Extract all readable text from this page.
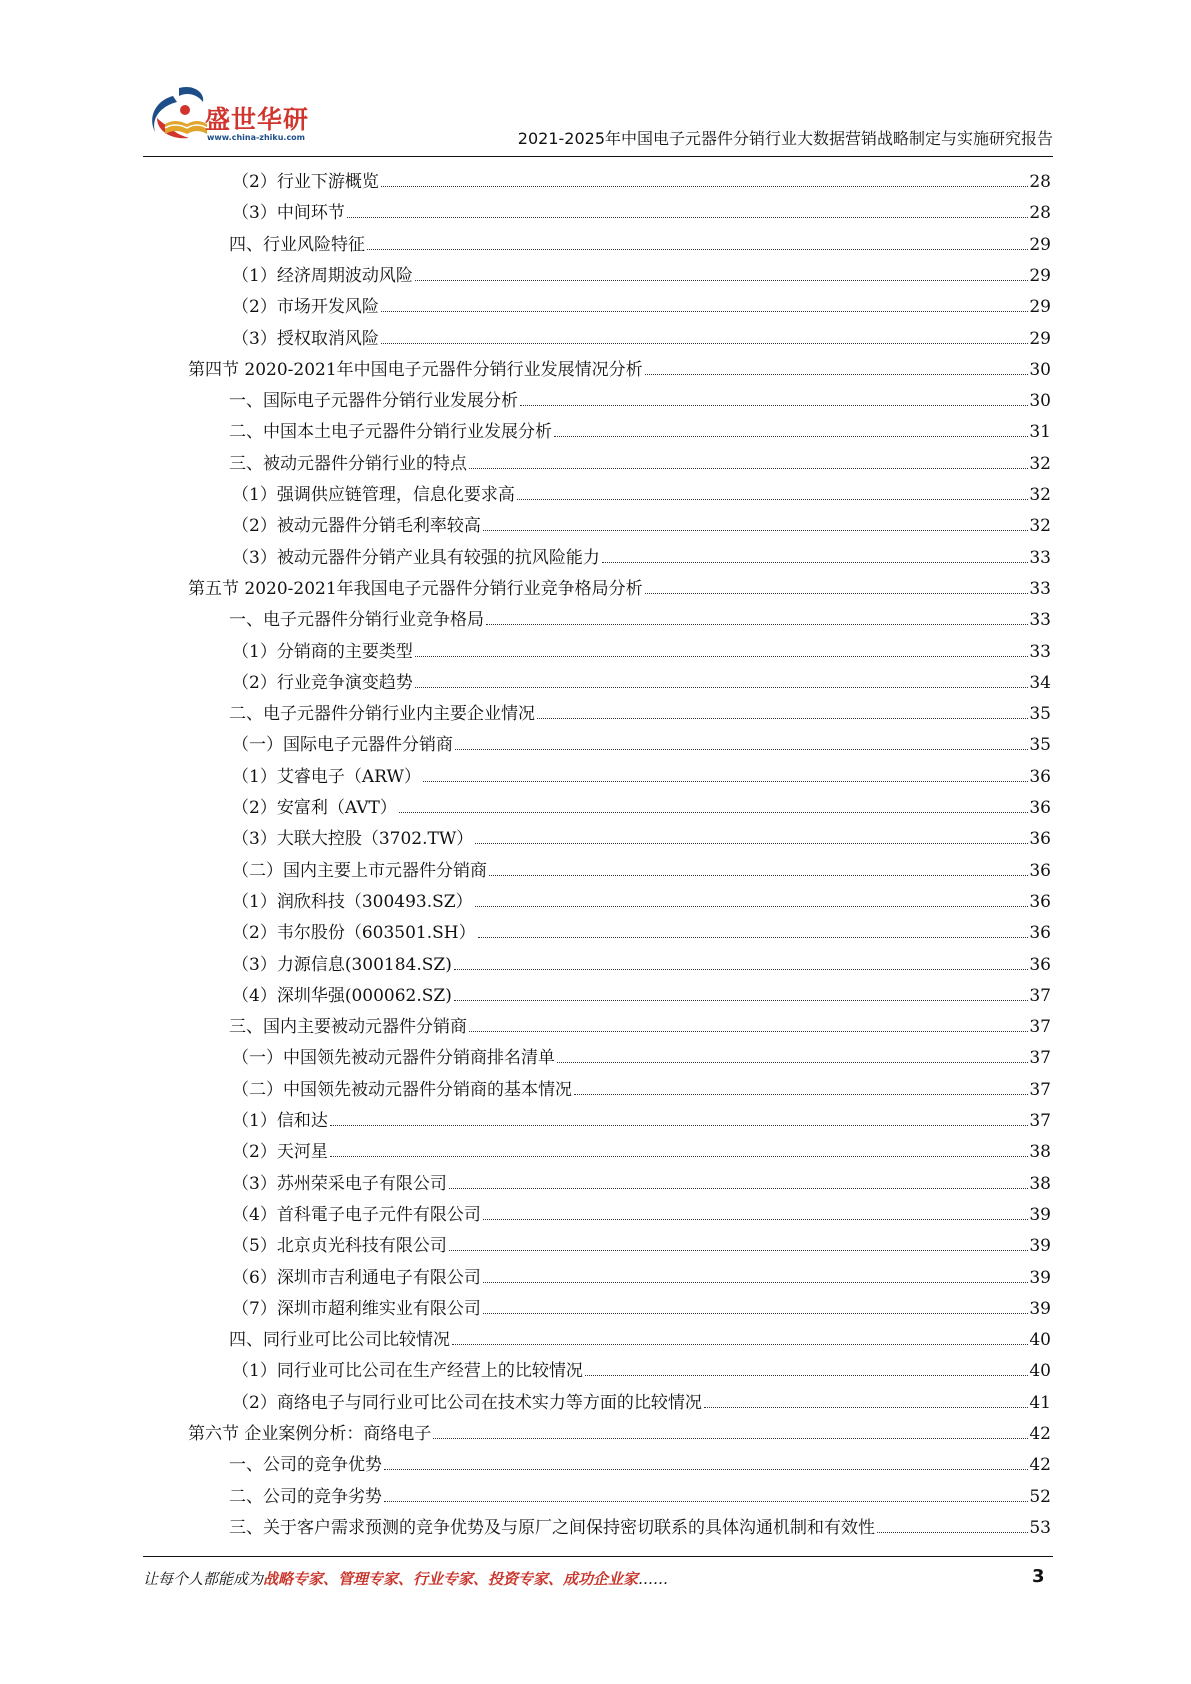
盛世华研
www.china-zhiku.com	2021-2025年中国电子元器件分销行业大数据营销战略制定与实施研究报告
（2）行业下游概览	28
（3）中间环节	28
四、行业风险特征	29
（1）经济周期波动风险	29
（2）市场开发风险	29
（3）授权取消风险	29
第四节 2020-2021年中国电子元器件分销行业发展情况分析	30
一、国际电子元器件分销行业发展分析	30
二、中国本土电子元器件分销行业发展分析	31
三、被动元器件分销行业的特点	32
（1）强调供应链管理，信息化要求高	32
（2）被动元器件分销毛利率较高	32
（3）被动元器件分销产业具有较强的抗风险能力	33
第五节 2020-2021年我国电子元器件分销行业竞争格局分析	33
一、电子元器件分销行业竞争格局	33
（1）分销商的主要类型	33
（2）行业竞争演变趋势	34
二、电子元器件分销行业内主要企业情况	35
（一）国际电子元器件分销商	35
（1）艾睿电子（ARW）	36
（2）安富利（AVT）	36
（3）大联大控股（3702.TW）	36
（二）国内主要上市元器件分销商	36
（1）润欣科技（300493.SZ）	36
（2）韦尔股份（603501.SH）	36
（3）力源信息(300184.SZ)	36
（4）深圳华强(000062.SZ)	37
三、国内主要被动元器件分销商	37
（一）中国领先被动元器件分销商排名清单	37
（二）中国领先被动元器件分销商的基本情况	37
（1）信和达	37
（2）天河星	38
（3）苏州荣采电子有限公司	38
（4）首科電子电子元件有限公司	39
（5）北京贞光科技有限公司	39
（6）深圳市吉利通电子有限公司	39
（7）深圳市超利维实业有限公司	39
四、同行业可比公司比较情况	40
（1）同行业可比公司在生产经营上的比较情况	40
（2）商络电子与同行业可比公司在技术实力等方面的比较情况	41
第六节 企业案例分析：商络电子	42
一、公司的竞争优势	42
二、公司的竞争劣势	52
三、关于客户需求预测的竞争优势及与原厂之间保持密切联系的具体沟通机制和有效性	53
让每个人都能成为战略专家、管理专家、行业专家、投资专家、成功企业家……	3
